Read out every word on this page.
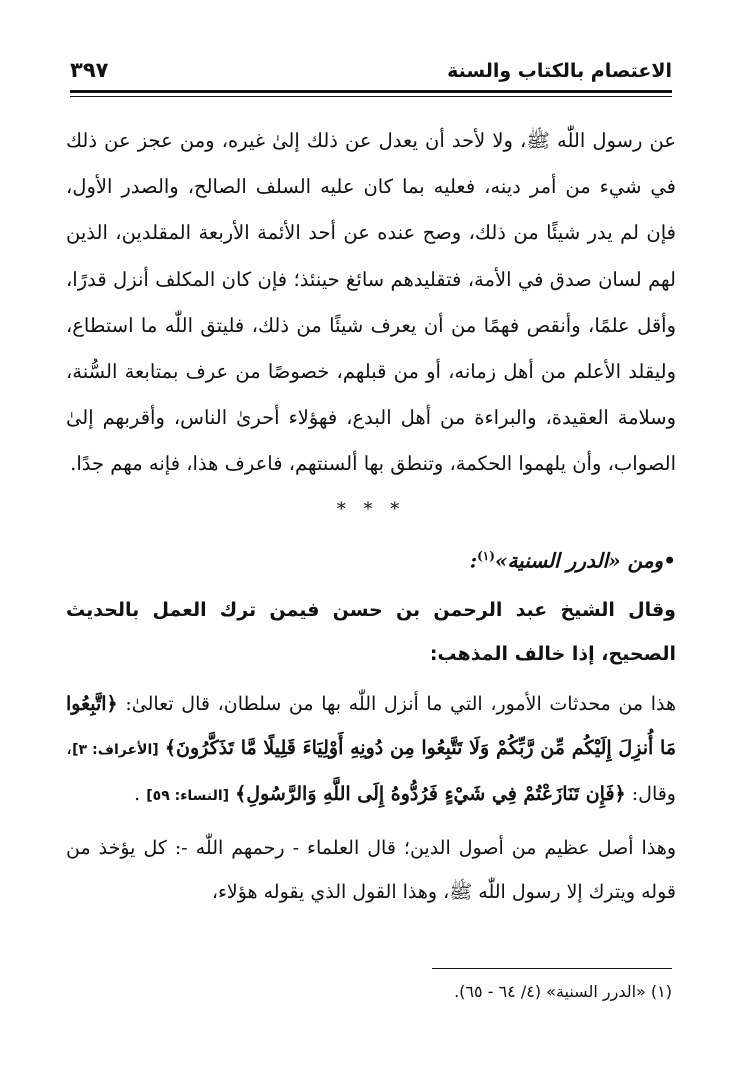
الاعتصام بالكتاب والسنة
٣٩٧

عن رسول اللّٰه ﷺ، ولا لأحد أن يعدل عن ذلك إلىٰ غيره، ومن عجز عن ذلك في شيء من أمر دينه، فعليه بما كان عليه السلف الصالح، والصدر الأول، فإن لم يدر شيئًا من ذلك، وصح عنده عن أحد الأئمة الأربعة المقلدين، الذين لهم لسان صدق في الأمة، فتقليدهم سائغ حينئذ؛ فإن كان المكلف أنزل قدرًا، وأقل علمًا، وأنقص فهمًا من أن يعرف شيئًا من ذلك، فليتق اللّٰه ما استطاع، وليقلد الأعلم من أهل زمانه، أو من قبلهم، خصوصًا من عرف بمتابعة السُّنة، وسلامة العقيدة، والبراءة من أهل البدع، فهؤلاء أحرىٰ الناس، وأقربهم إلىٰ الصواب، وأن يلهموا الحكمة، وتنطق بها ألسنتهم، فاعرف هذا، فإنه مهم جدًا.

* * *

•ومن «الدرر السنية»$^{(١)}$:

وقال الشيخ عبد الرحمن بن حسن فيمن ترك العمل بالحديث الصحيح، إذا خالف المذهب:

هذا من محدثات الأمور، التي ما أنزل اللّٰه بها من سلطان، قال تعالىٰ: ﴿اتَّبِعُوا مَا أُنزِلَ إِلَيْكُم مِّن رَّبِّكُمْ وَلَا تَتَّبِعُوا مِن دُونِهِ أَوْلِيَاءَ قَلِيلًا مَّا تَذَكَّرُونَ﴾ [الأعراف: ٣]، وقال: ﴿فَإِن تَنَازَعْتُمْ فِي شَيْءٍ فَرُدُّوهُ إِلَى اللَّهِ وَالرَّسُولِ﴾ [النساء: ٥٩] .

وهذا أصل عظيم من أصول الدين؛ قال العلماء - رحمهم اللّٰه -: كل يؤخذ من قوله ويترك إلا رسول اللّٰه ﷺ، وهذا القول الذي يقوله هؤلاء،

(١) «الدرر السنية» (٤/ ٦٤ - ٦٥).
